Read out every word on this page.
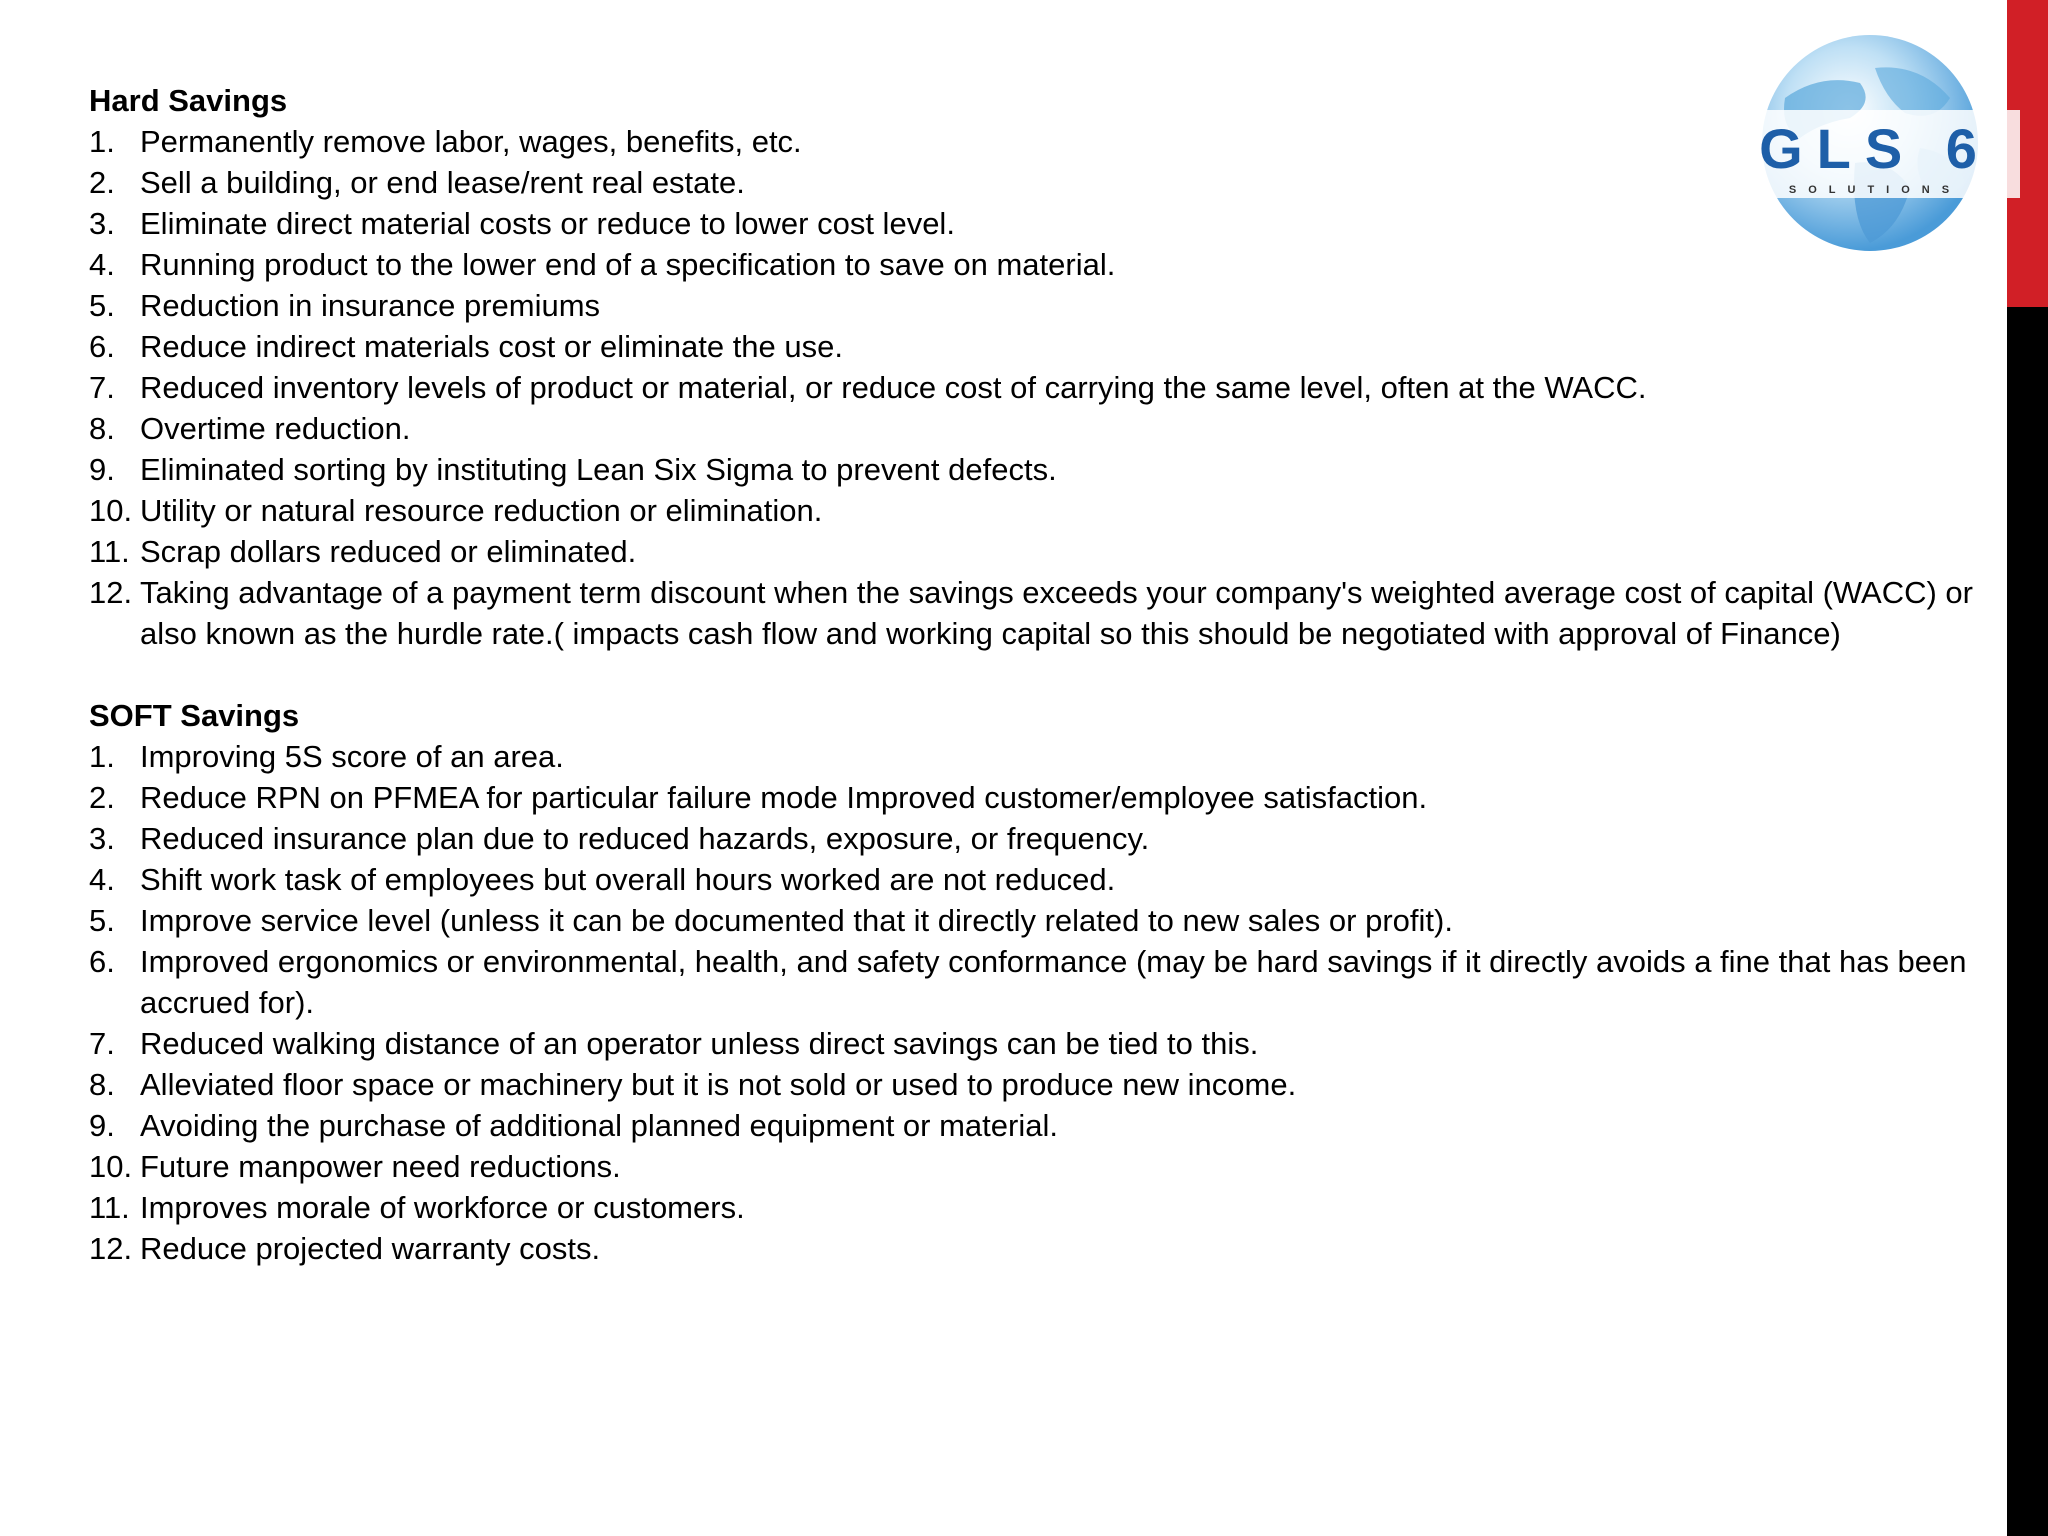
GLS 6
SOLUTIONS
Hard Savings
1. Permanently remove labor, wages, benefits, etc.
2. Sell a building, or end lease/rent real estate.
3. Eliminate direct material costs or reduce to lower cost level.
4. Running product to the lower end of a specification to save on material.
5. Reduction in insurance premiums
6. Reduce indirect materials cost or eliminate the use.
7. Reduced inventory levels of product or material, or reduce cost of carrying the same level, often at the WACC.
8. Overtime reduction.
9. Eliminated sorting by instituting Lean Six Sigma to prevent defects.
10. Utility or natural resource reduction or elimination.
11. Scrap dollars reduced or eliminated.
12. Taking advantage of a payment term discount when the savings exceeds your company's weighted average cost of capital (WACC) or also known as the hurdle rate.( impacts cash flow and working capital so this should be negotiated with approval of Finance)
SOFT Savings
1. Improving 5S score of an area.
2. Reduce RPN on PFMEA for particular failure mode Improved customer/employee satisfaction.
3. Reduced insurance plan due to reduced hazards, exposure, or frequency.
4. Shift work task of employees but overall hours worked are not reduced.
5. Improve service level (unless it can be documented that it directly related to new sales or profit).
6. Improved ergonomics or environmental, health, and safety conformance (may be hard savings if it directly avoids a fine that has been accrued for).
7. Reduced walking distance of an operator unless direct savings can be tied to this.
8. Alleviated floor space or machinery but it is not sold or used to produce new income.
9. Avoiding the purchase of additional planned equipment or material.
10. Future manpower need reductions.
11. Improves morale of workforce or customers.
12. Reduce projected warranty costs.
